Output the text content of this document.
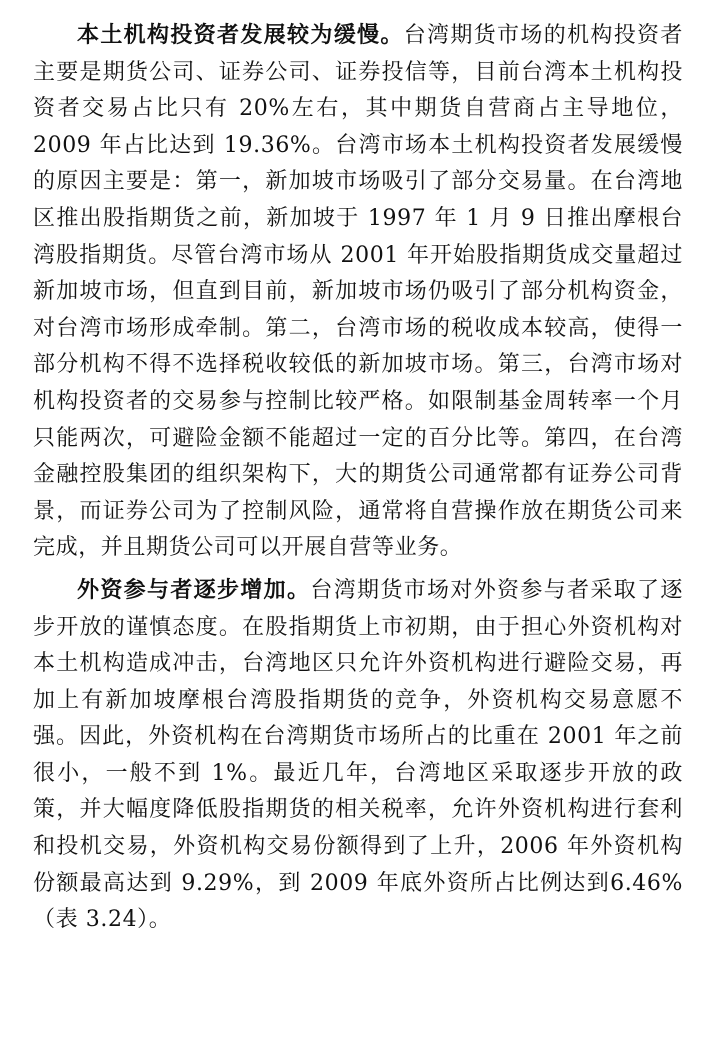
本土机构投资者发展较为缓慢。台湾期货市场的机构投资者主要是期货公司、证券公司、证券投信等，目前台湾本土机构投资者交易占比只有 20%左右，其中期货自营商占主导地位，2009 年占比达到 19.36%。台湾市场本土机构投资者发展缓慢的原因主要是：第一，新加坡市场吸引了部分交易量。在台湾地区推出股指期货之前，新加坡于 1997 年 1 月 9 日推出摩根台湾股指期货。尽管台湾市场从 2001 年开始股指期货成交量超过新加坡市场，但直到目前，新加坡市场仍吸引了部分机构资金，对台湾市场形成牵制。第二，台湾市场的税收成本较高，使得一部分机构不得不选择税收较低的新加坡市场。第三，台湾市场对机构投资者的交易参与控制比较严格。如限制基金周转率一个月只能两次，可避险金额不能超过一定的百分比等。第四，在台湾金融控股集团的组织架构下，大的期货公司通常都有证券公司背景，而证券公司为了控制风险，通常将自营操作放在期货公司来完成，并且期货公司可以开展自营等业务。

外资参与者逐步增加。台湾期货市场对外资参与者采取了逐步开放的谨慎态度。在股指期货上市初期，由于担心外资机构对本土机构造成冲击，台湾地区只允许外资机构进行避险交易，再加上有新加坡摩根台湾股指期货的竞争，外资机构交易意愿不强。因此，外资机构在台湾期货市场所占的比重在 2001 年之前很小，一般不到 1%。最近几年，台湾地区采取逐步开放的政策，并大幅度降低股指期货的相关税率，允许外资机构进行套利和投机交易，外资机构交易份额得到了上升，2006 年外资机构份额最高达到 9.29%，到 2009 年底外资所占比例达到6.46%（表 3.24）。
